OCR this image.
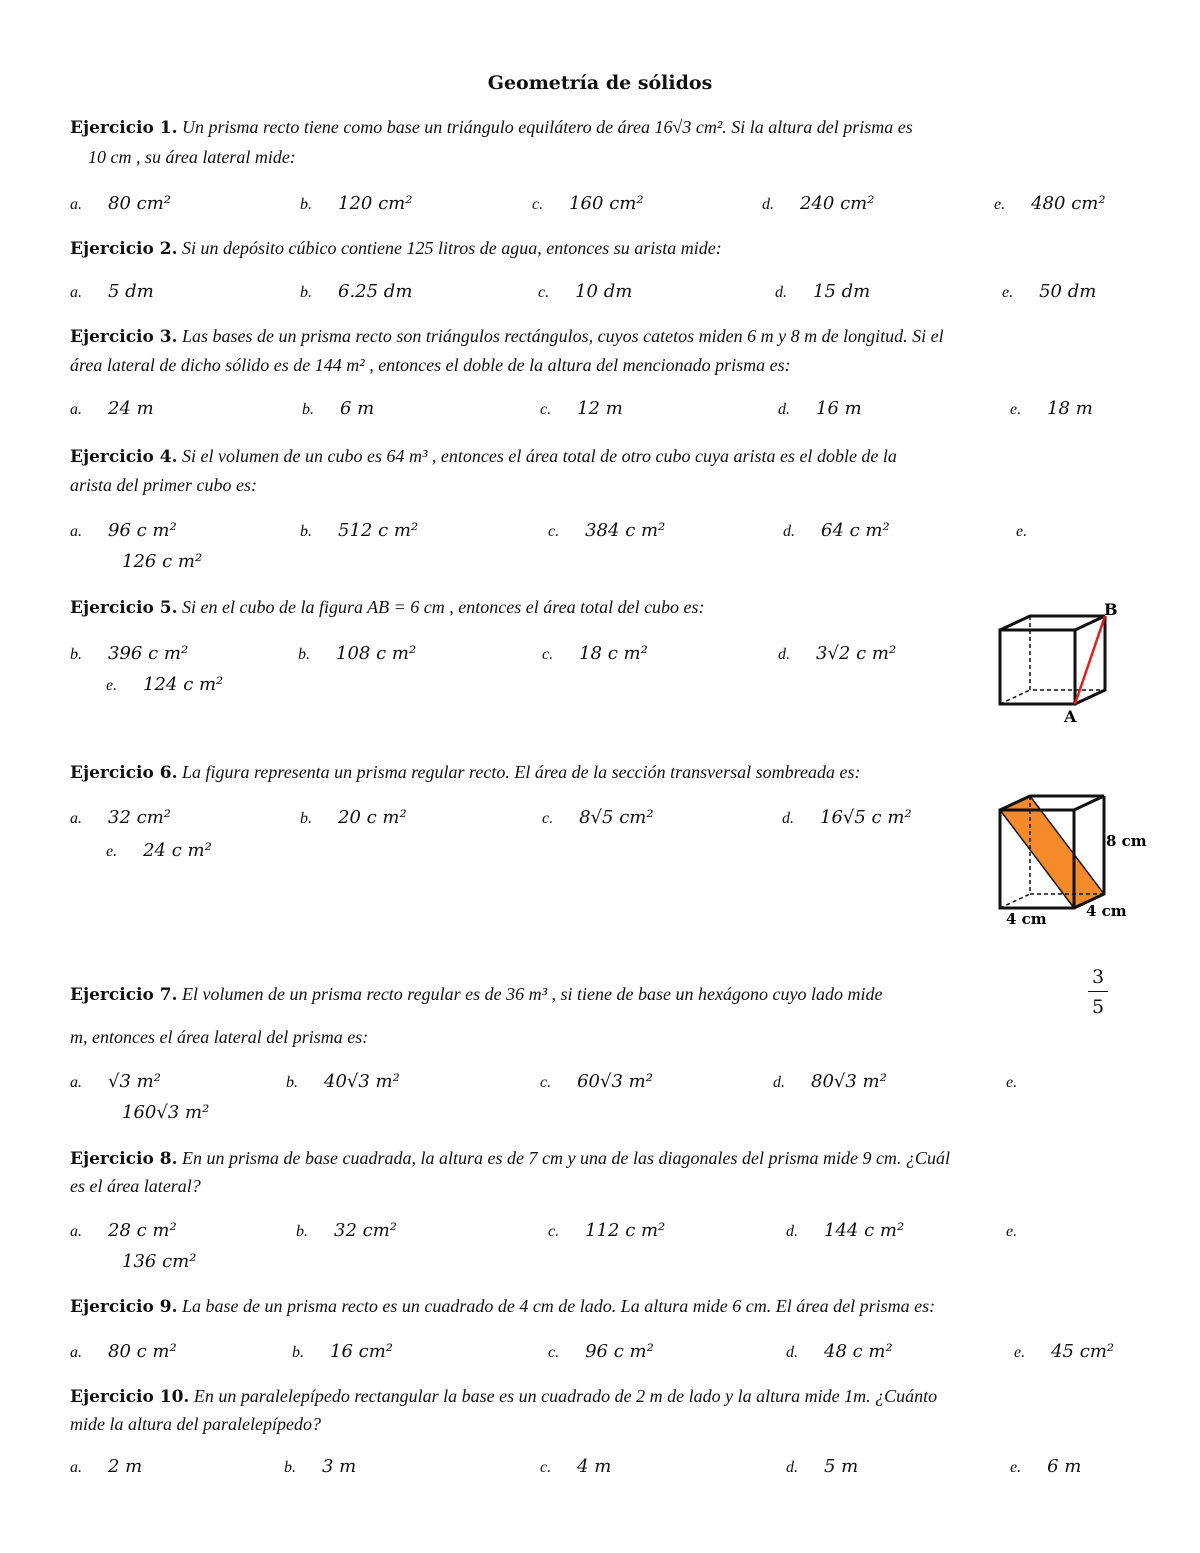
Geometría de sólidos
Ejercicio 1. Un prisma recto tiene como base un triángulo equilátero de área 16√3 cm². Si la altura del prisma es
10 cm , su área lateral mide:
a. 80 cm²	b. 120 cm²	c. 160 cm²	d. 240 cm²	e. 480 cm²
Ejercicio 2. Si un depósito cúbico contiene 125 litros de agua, entonces su arista mide:
a. 5 dm	b. 6.25 dm	c. 10 dm	d. 15 dm	e. 50 dm
Ejercicio 3. Las bases de un prisma recto son triángulos rectángulos, cuyos catetos miden 6 m y 8 m de longitud. Si el
área lateral de dicho sólido es de 144 m² , entonces el doble de la altura del mencionado prisma es:
a. 24 m	b. 6 m	c. 12 m	d. 16 m	e. 18 m
Ejercicio 4. Si el volumen de un cubo es 64 m³ , entonces el área total de otro cubo cuya arista es el doble de la
arista del primer cubo es:
a. 96 c m²	b. 512 c m²	c. 384 c m²	d. 64 c m²	e.
126 c m²
Ejercicio 5. Si en el cubo de la figura AB = 6 cm , entonces el área total del cubo es:
b. 396 c m²	b. 108 c m²	c. 18 c m²	d. 3√2 c m²
e. 124 c m²
B
A
Ejercicio 6. La figura representa un prisma regular recto. El área de la sección transversal sombreada es:
a. 32 cm²	b. 20 c m²	c. 8√5 cm²	d. 16√5 c m²
e. 24 c m²	8 cm
4 cm	4 cm
Ejercicio 7. El volumen de un prisma recto regular es de 36 m³ , si tiene de base un hexágono cuyo lado mide
3
5
m, entonces el área lateral del prisma es:
a. √3 m²	b. 40√3 m²	c. 60√3 m²	d. 80√3 m²	e.
160√3 m²
Ejercicio 8. En un prisma de base cuadrada, la altura es de 7 cm y una de las diagonales del prisma mide 9 cm. ¿Cuál
es el área lateral?
a. 28 c m²	b. 32 cm²	c. 112 c m²	d. 144 c m²	e.
136 cm²
Ejercicio 9. La base de un prisma recto es un cuadrado de 4 cm de lado. La altura mide 6 cm. El área del prisma es:
a. 80 c m²	b. 16 cm²	c. 96 c m²	d. 48 c m²	e. 45 cm²
Ejercicio 10. En un paralelepípedo rectangular la base es un cuadrado de 2 m de lado y la altura mide 1m. ¿Cuánto
mide la altura del paralelepípedo?
a. 2 m	b. 3 m	c. 4 m	d. 5 m	e. 6 m
